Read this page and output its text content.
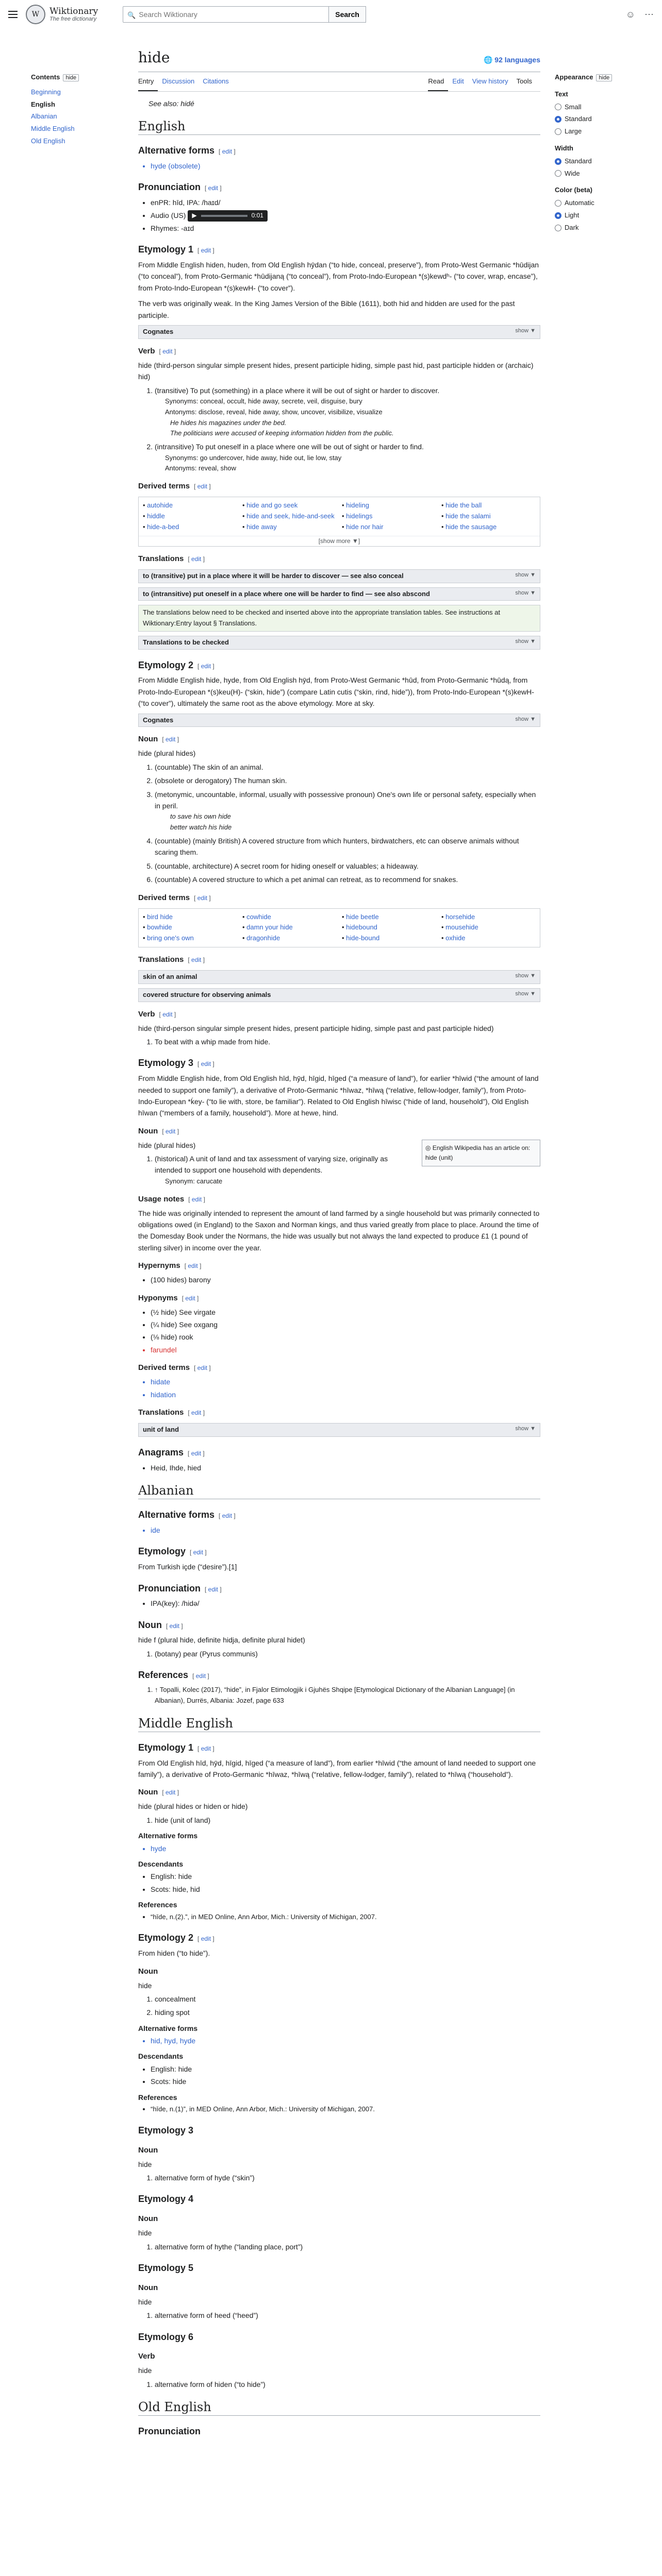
W	Wiktionary
The free dictionary
🔍
Search Wiktionary	Search	☺ ⋯
Contents hide
Beginning
English
Albanian
Middle English
Old English
hide	🌐 92 languages
Entry	Discussion	Citations	Read	Edit	View history	Tools
See also: hidé
English
Alternative forms [ edit ]
• hyde (obsolete)
Pronunciation [ edit ]
• enPR: hīd, IPA: /haɪd/
• Audio (US) ▶	0:01
• Rhymes: -aɪd
Etymology 1 [ edit ]

From Middle English hiden, huden, from Old English hȳdan (“to hide, conceal, preserve”), from Proto-West Germanic *hūdijan (“to conceal”), from Proto-Germanic *hūdijaną (“to conceal”), from Proto-Indo-European *(s)kewdʰ- (“to cover, wrap, encase”), from Proto-Indo-European *(s)kewH- (“to cover”).

The verb was originally weak. In the King James Version of the Bible (1611), both hid and hidden are used for the past participle.

Cognates	show ▼
Verb [ edit ]

hide (third-person singular simple present hides, present participle hiding, simple past hid, past participle hidden or (archaic) hid)

1. (transitive) To put (something) in a place where it will be out of sight or harder to discover.
Synonyms: conceal, occult, hide away, secrete, veil, disguise, bury
Antonyms: disclose, reveal, hide away, show, uncover, visibilize, visualize
He hides his magazines under the bed.
The politicians were accused of keeping information hidden from the public.
2. (intransitive) To put oneself in a place where one will be out of sight or harder to find.
Synonyms: go undercover, hide away, hide out, lie low, stay
Antonyms: reveal, show
Derived terms [ edit ]
• autohide	• hide and go seek	• hideling	• hide the ball
• hiddle	• hide and seek, hide-and-seek	• hidelings	• hide the salami
• hide-a-bed	• hide away	• hide nor hair	• hide the sausage
[show more ▼]
Translations [ edit ]
to (transitive) put in a place where it will be harder to discover — see also conceal	show ▼
to (intransitive) put oneself in a place where one will be harder to find — see also abscond	show ▼
The translations below need to be checked and inserted above into the appropriate translation tables. See instructions at Wiktionary:Entry layout § Translations.
Translations to be checked	show ▼
Etymology 2 [ edit ]

From Middle English hide, hyde, from Old English hȳd, from Proto-West Germanic *hūd, from Proto-Germanic *hūdą, from Proto-Indo-European *(s)keu(H)- (“skin, hide”) (compare Latin cutis (“skin, rind, hide”)), from Proto-Indo-European *(s)kewH- (“to cover”), ultimately the same root as the above etymology. More at sky.

Cognates	show ▼
Noun [ edit ]

hide (plural hides)

1. (countable) The skin of an animal.
2. (obsolete or derogatory) The human skin.
3. (metonymic, uncountable, informal, usually with possessive pronoun) One's own life or personal safety, especially when in peril.
to save his own hide
better watch his hide
4. (countable) (mainly British) A covered structure from which hunters, birdwatchers, etc can observe animals without scaring them.
5. (countable, architecture) A secret room for hiding oneself or valuables; a hideaway.
6. (countable) A covered structure to which a pet animal can retreat, as to recommend for snakes.
Derived terms [ edit ]
• bird hide	• cowhide	• hide beetle	• horsehide
• bowhide	• damn your hide	• hidebound	• mousehide
• bring one's own	• dragonhide	• hide-bound	• oxhide
Translations [ edit ]
skin of an animal	show ▼
covered structure for observing animals	show ▼
Verb [ edit ]

hide (third-person singular simple present hides, present participle hiding, simple past and past participle hided)

1. To beat with a whip made from hide.
Etymology 3 [ edit ]

From Middle English hide, from Old English hīd, hȳd, hīgid, hīged (“a measure of land”), for earlier *hīwid (“the amount of land needed to support one family”), a derivative of Proto-Germanic *hīwaz, *hīwą (“relative, fellow-lodger, family”), from Proto-Indo-European *ḱey- (“to lie with, store, be familiar”). Related to Old English hīwisc (“hide of land, household”), Old English hīwan (“members of a family, household”). More at hewe, hind.

Noun [ edit ]
◎ English Wikipedia has an article on: hide (unit)

hide (plural hides)

1. (historical) A unit of land and tax assessment of varying size, originally as intended to support one household with dependents.
Synonym: carucate
Usage notes [ edit ]

The hide was originally intended to represent the amount of land farmed by a single household but was primarily connected to obligations owed (in England) to the Saxon and Norman kings, and thus varied greatly from place to place. Around the time of the Domesday Book under the Normans, the hide was usually but not always the land expected to produce £1 (1 pound of sterling silver) in income over the year.

Hypernyms [ edit ]
• (100 hides) barony
Hyponyms [ edit ]
• (½ hide) See virgate
• (¼ hide) See oxgang
• (⅛ hide) rook
• farundel
Derived terms [ edit ]
• hidate
• hidation
Translations [ edit ]
unit of land	show ▼
Anagrams [ edit ]
• Heid, Ihde, hied
Albanian
Alternative forms [ edit ]
• ide
Etymology [ edit ]

From Turkish içde (“desire”).[1]

Pronunciation [ edit ]
• IPA(key): /hidə/
Noun [ edit ]

hide f (plural hide, definite hidja, definite plural hidet)

1. (botany) pear (Pyrus communis)
References [ edit ]
1. ↑ Topalli, Kolec (2017), “hide”, in Fjalor Etimologjik i Gjuhës Shqipe [Etymological Dictionary of the Albanian Language] (in Albanian), Durrës, Albania: Jozef, page 633
Middle English
Etymology 1 [ edit ]

From Old English hīd, hȳd, hīgid, hīged (“a measure of land”), from earlier *hīwid (“the amount of land needed to support one family”), a derivative of Proto-Germanic *hīwaz, *hīwą (“relative, fellow-lodger, family”), related to *hīwą (“household”).

Noun [ edit ]

hide (plural hides or hiden or hide)

1. hide (unit of land)
Alternative forms
• hyde
Descendants
• English: hide
• Scots: hide, hid
References
• “hīde, n.(2).”, in MED Online, Ann Arbor, Mich.: University of Michigan, 2007.
Etymology 2 [ edit ]

From hiden (“to hide”).

Noun

hide

1. concealment
2. hiding spot
Alternative forms
• hid, hyd, hyde
Descendants
• English: hide
• Scots: hide
References
• “hīde, n.(1)”, in MED Online, Ann Arbor, Mich.: University of Michigan, 2007.
Etymology 3
Noun

hide

1. alternative form of hyde (“skin”)
Etymology 4
Noun

hide

1. alternative form of hythe (“landing place, port”)
Etymology 5
Noun

hide

1. alternative form of heed (“heed”)
Etymology 6
Verb

hide

1. alternative form of hiden (“to hide”)
Old English
Pronunciation
Appearance hide
Text
Small
Standard
Large
Width
Standard
Wide
Color (beta)
Automatic
Light
Dark
